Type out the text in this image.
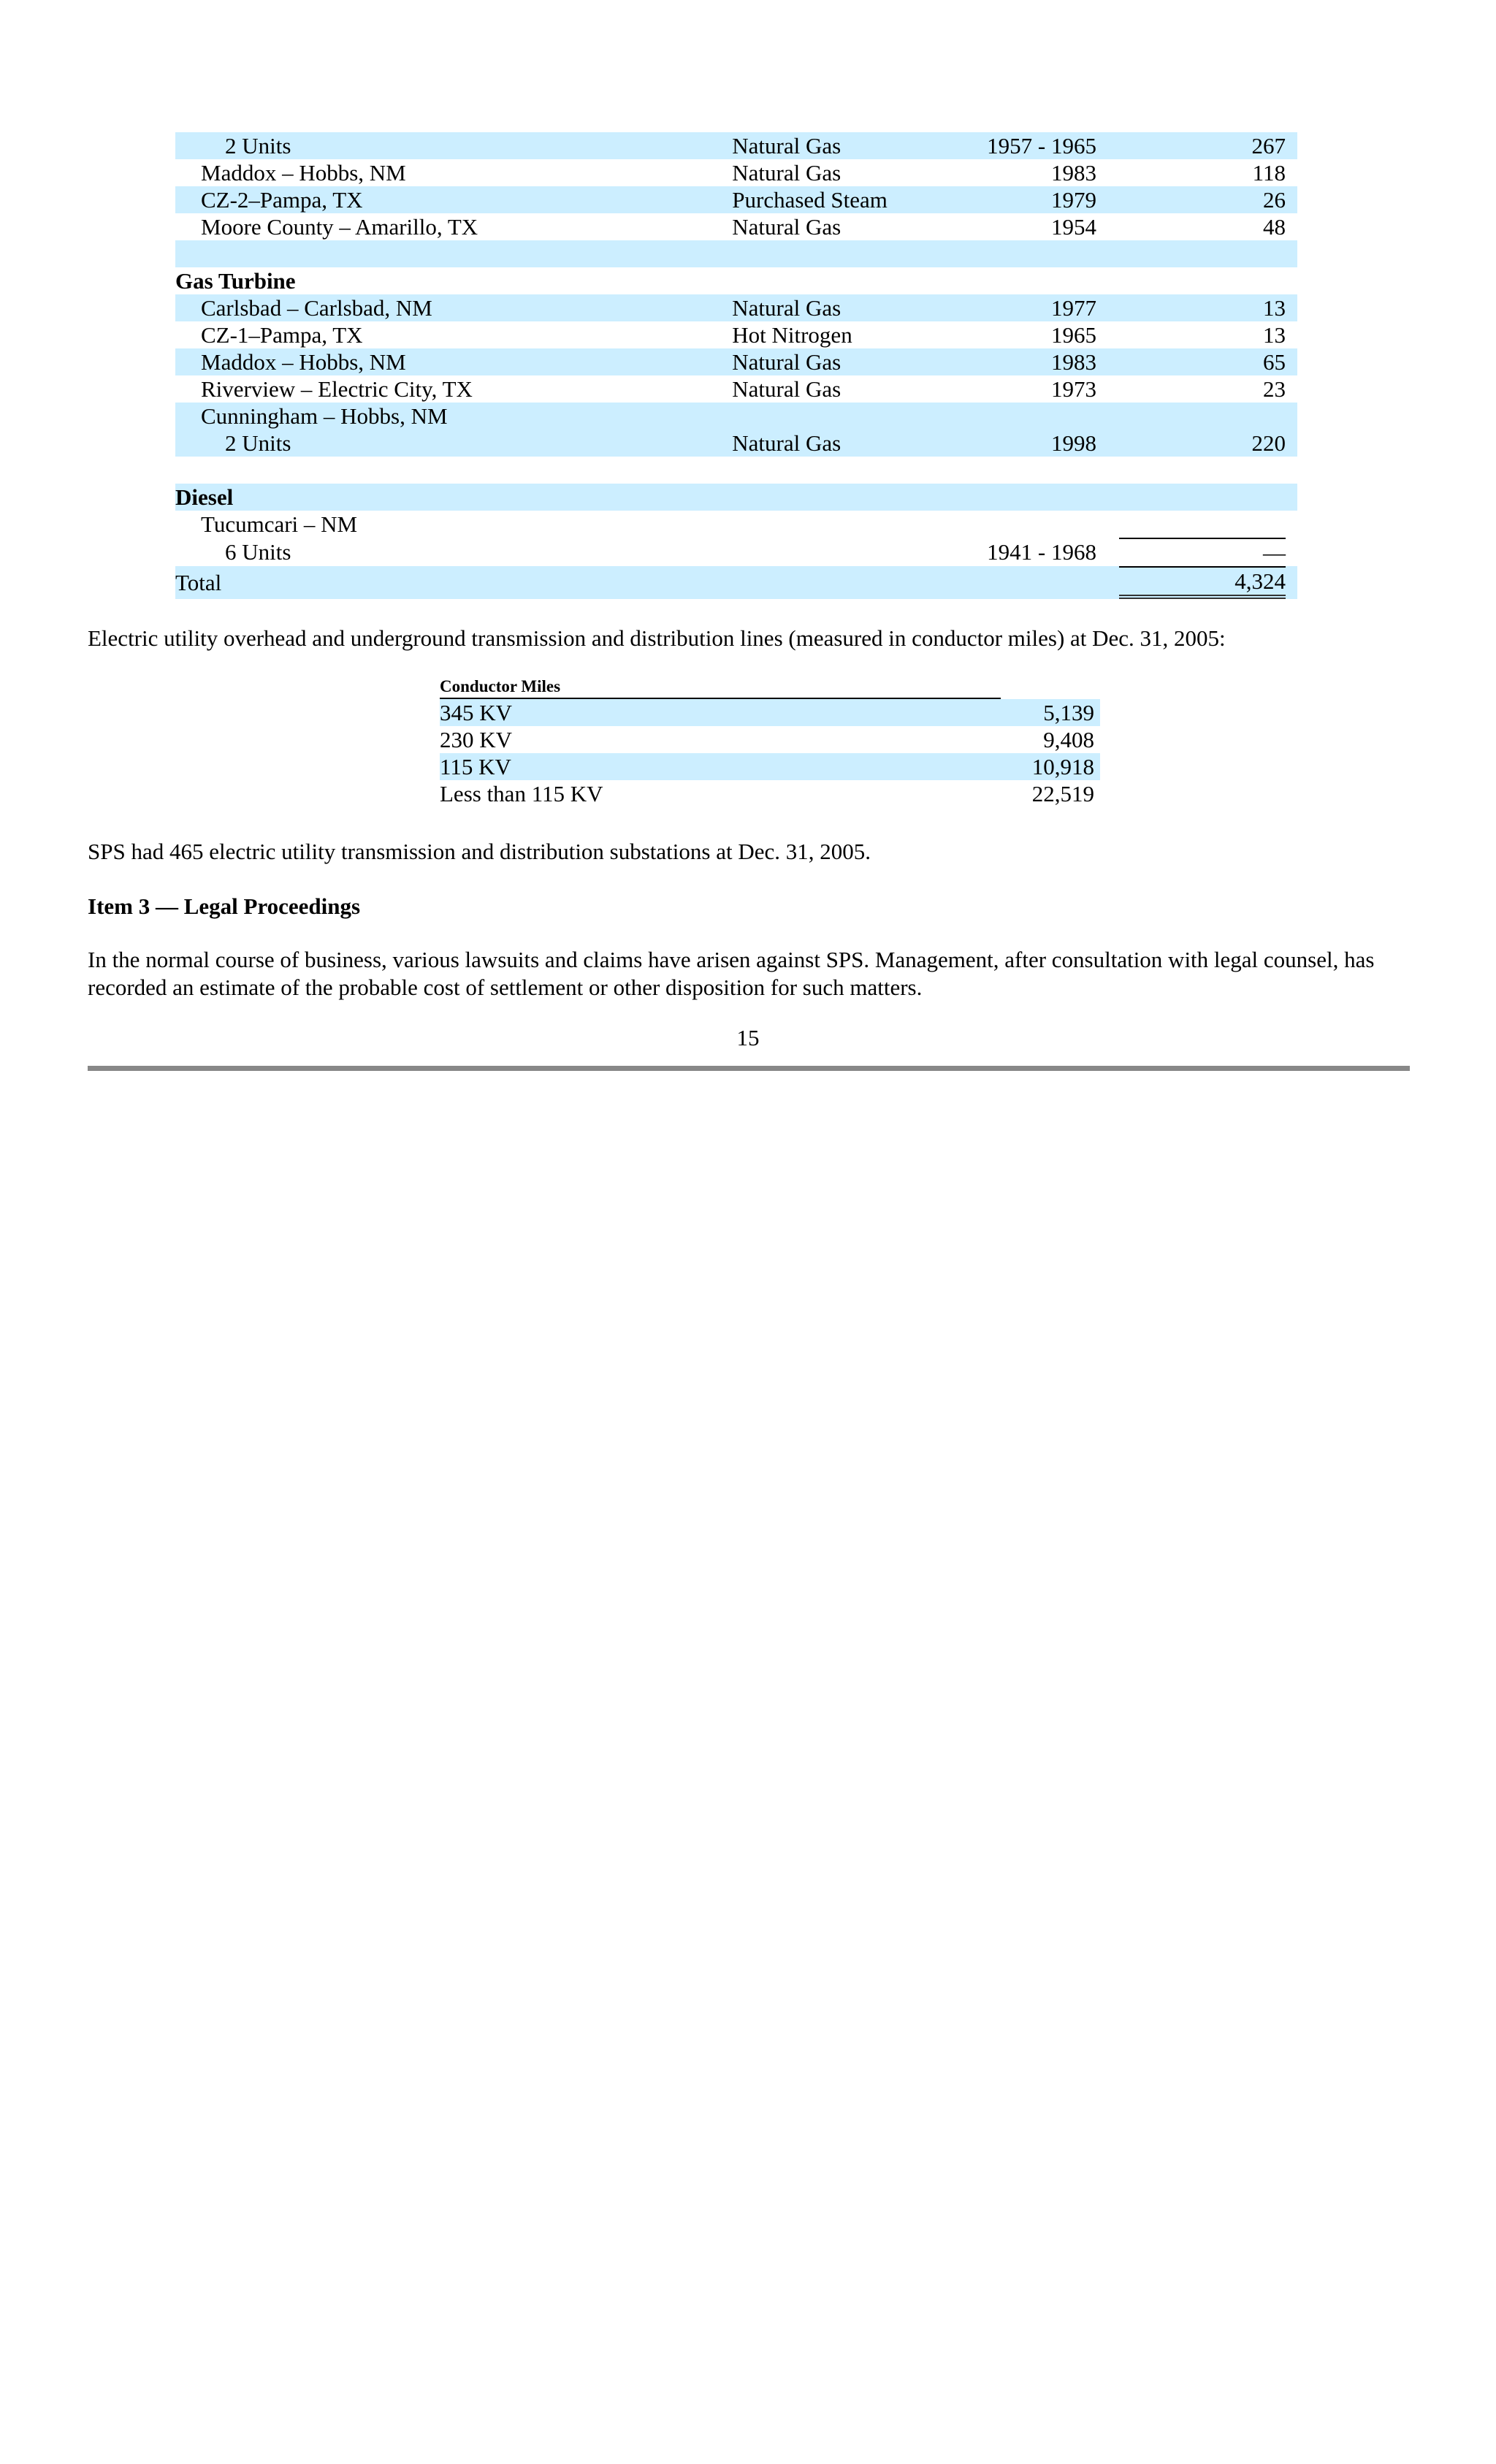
2 Units	Natural Gas	1957 - 1965	267
Maddox – Hobbs, NM	Natural Gas	1983	118
CZ-2–Pampa, TX	Purchased Steam	1979	26
Moore County – Amarillo, TX	Natural Gas	1954	48

Gas Turbine			
Carlsbad – Carlsbad, NM	Natural Gas	1977	13
CZ-1–Pampa, TX	Hot Nitrogen	1965	13
Maddox – Hobbs, NM	Natural Gas	1983	65
Riverview – Electric City, TX	Natural Gas	1973	23
Cunningham – Hobbs, NM			
2 Units	Natural Gas	1998	220

Diesel			
Tucumcari – NM			
6 Units		1941 - 1968	—
Total			4,324
Electric utility overhead and underground transmission and distribution lines (measured in conductor miles) at Dec. 31, 2005:
Conductor Miles	
345 KV	5,139
230 KV	9,408
115 KV	10,918
Less than 115 KV	22,519
SPS had 465 electric utility transmission and distribution substations at Dec. 31, 2005.
Item 3 — Legal Proceedings
In the normal course of business, various lawsuits and claims have arisen against SPS. Management, after consultation with legal counsel, has recorded an estimate of the probable cost of settlement or other disposition for such matters.
15
